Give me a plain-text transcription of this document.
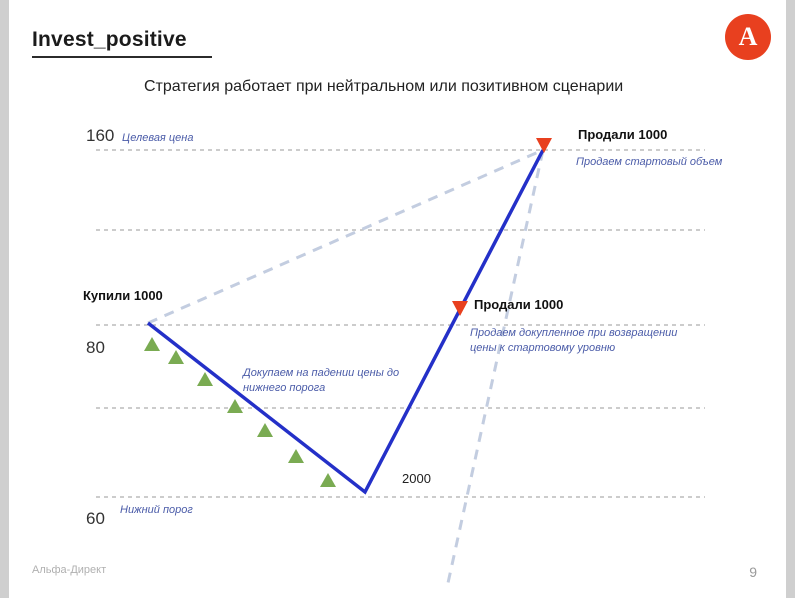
Invest_positive	A
Стратегия работает при нейтральном или позитивном сценарии
160
80
60
Целевая цена
Нижний порог
Продаем стартовый объем
Продаем докупленное при возвращении цены к стартовому уровню
Докупаем на падении цены до нижнего порога
Купили 1000
Продали 1000
Продали 1000
2000
Альфа-Директ	9
